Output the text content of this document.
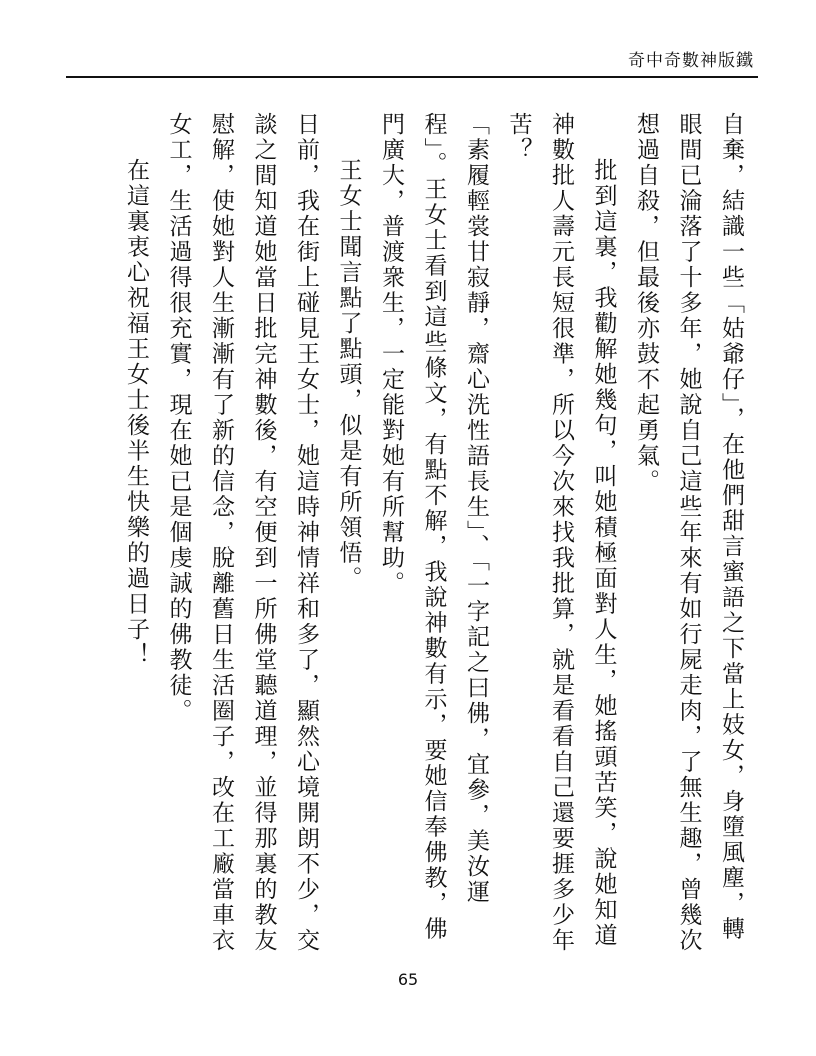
奇中奇數神版鐵

自棄，結識一些「姑爺仔」，在他們甜言蜜語之下當上妓女，身墮風塵，轉眼間已淪落了十多年，她說自己這些年來有如行屍走肉，了無生趣，曾幾次想過自殺，但最後亦鼓不起勇氣。

批到這裏，我勸解她幾句，叫她積極面對人生，她搖頭苦笑，說她知道神數批人壽元長短很準，所以今次來找我批算，就是看看自己還要捱多少年苦？

「素履輕裳甘寂靜，齋心洗性語長生」、「一字記之曰佛，宜參，美汝運程」。王女士看到這些條文，有點不解，我說神數有示，要她信奉佛教，佛門廣大，普渡衆生，一定能對她有所幫助。

王女士聞言點了點頭，似是有所領悟。

日前，我在街上碰見王女士，她這時神情祥和多了，顯然心境開朗不少，交談之間知道她當日批完神數後，有空便到一所佛堂聽道理，並得那裏的教友慰解，使她對人生漸漸有了新的信念，脫離舊日生活圈子，改在工廠當車衣女工，生活過得很充實，現在她已是個虔誠的佛教徒。

在這裏衷心祝福王女士後半生快樂的過日子！

65
